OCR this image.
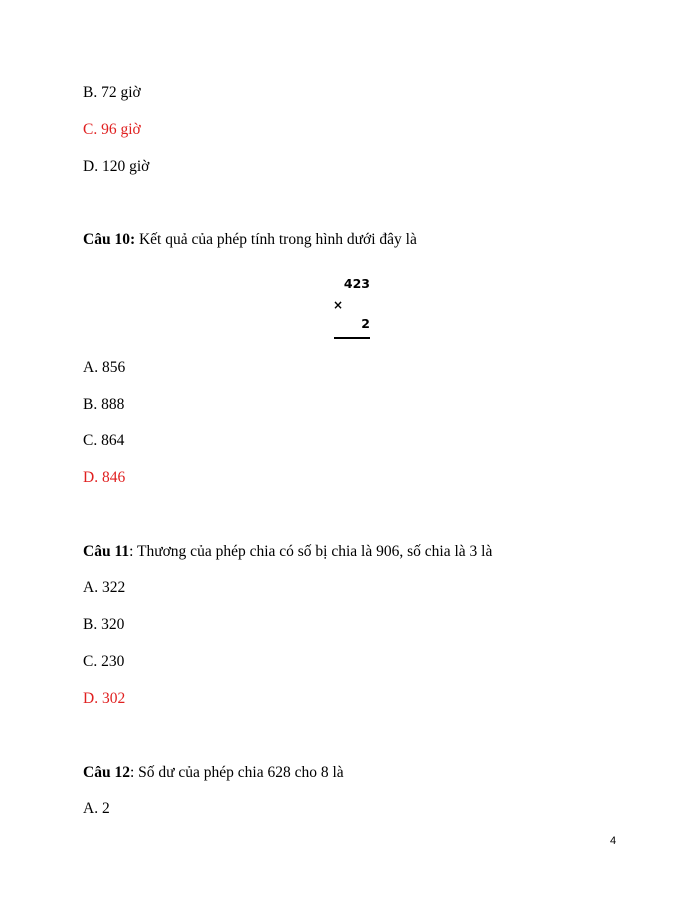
B. 72 giờ
C. 96 giờ
D. 120 giờ
Câu 10: Kết quả của phép tính trong hình dưới đây là
423
×
2
A. 856
B. 888
C. 864
D. 846
Câu 11: Thương của phép chia có số bị chia là 906, số chia là 3 là
A. 322
B. 320
C. 230
D. 302
Câu 12: Số dư của phép chia 628 cho 8 là
A. 2
4
